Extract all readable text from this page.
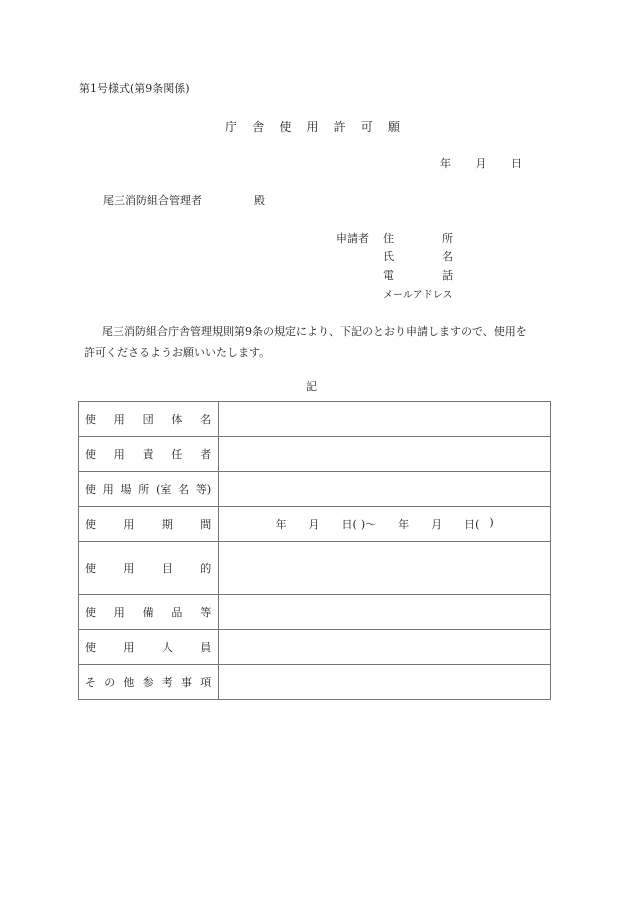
第1号様式(第9条関係)
庁 舎 使 用 許 可 願
年 月 日
尾三消防組合管理者	殿
申請者 住	所
氏	名
電	話
メールアドレス
尾三消防組合庁舎管理規則第9条の規定により、下記のとおり申請しますので、使用を
許可くださるようお願いいたします。
記
使 用 団 体 名	

使 用 責 任 者	

使 用 場 所 (室 名 等)

使 用 期 間	年 月 日( )〜 年 月 日( )

使 用 目 的	

使 用 備 品 等	

使 用 人 員	

そ の 他 参 考 事 項
